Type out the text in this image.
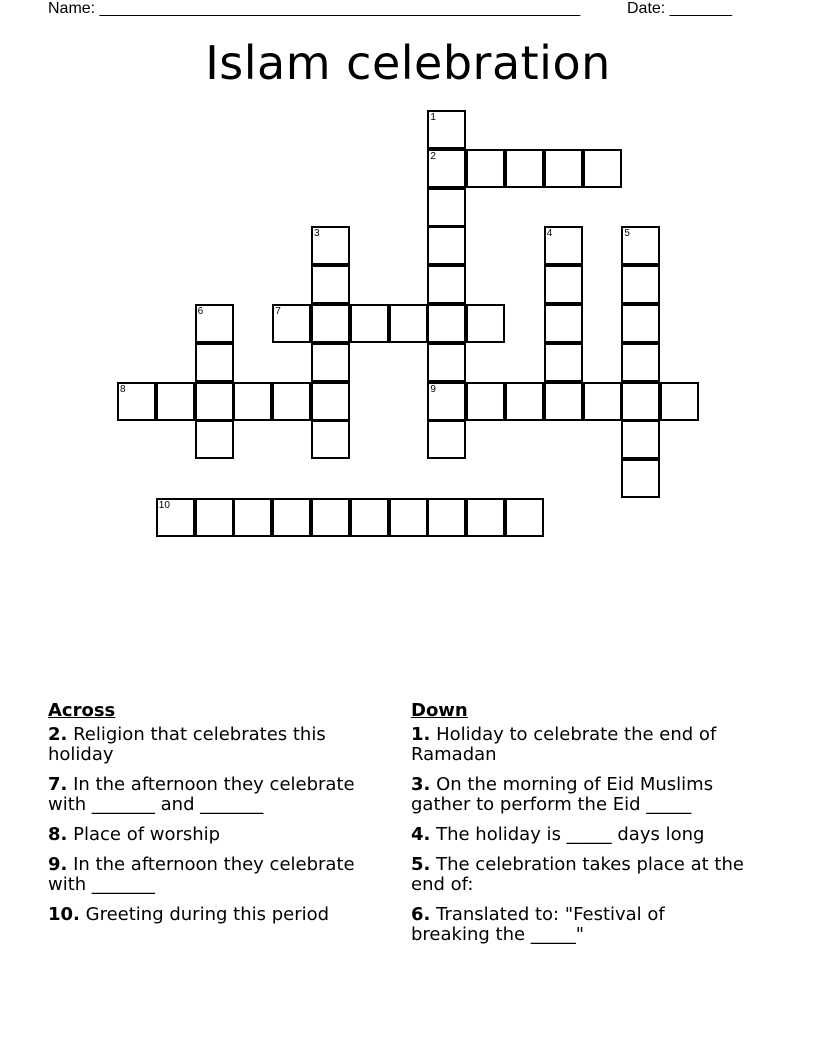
Name: ______________________________________________________	Date: _______
Islam celebration
1
2
9
3	4	5
6	7
8
10
Across
2. Religion that celebrates this holiday
7. In the afternoon they celebrate with _______ and _______
8. Place of worship
9. In the afternoon they celebrate with _______
10. Greeting during this period
Down
1. Holiday to celebrate the end of Ramadan
3. On the morning of Eid Muslims gather to perform the Eid _____
4. The holiday is _____ days long
5. The celebration takes place at the end of:
6. Translated to: "Festival of breaking the _____"
